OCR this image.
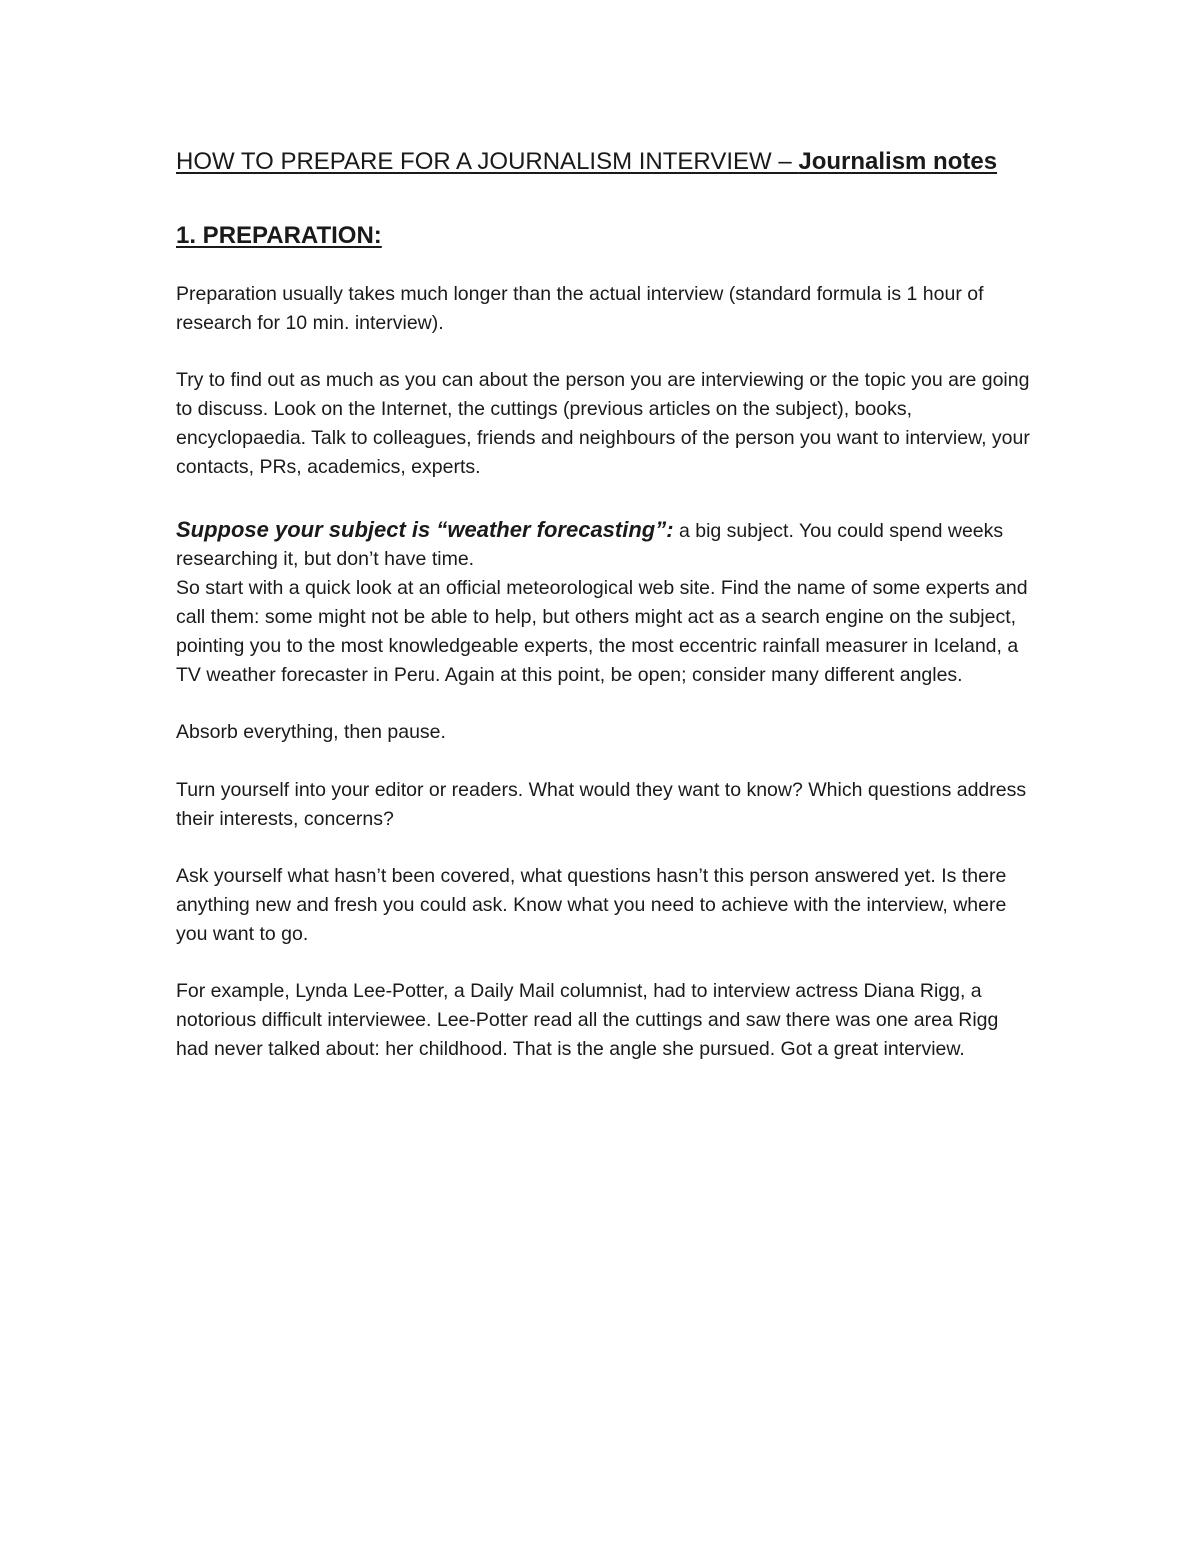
HOW TO PREPARE FOR A JOURNALISM INTERVIEW – Journalism notes
1. PREPARATION:

Preparation usually takes much longer than the actual interview (standard formula is 1 hour of research for 10 min. interview).

Try to find out as much as you can about the person you are interviewing or the topic you are going to discuss. Look on the Internet, the cuttings (previous articles on the subject), books, encyclopaedia. Talk to colleagues, friends and neighbours of the person you want to interview, your contacts, PRs, academics, experts.

Suppose your subject is “weather forecasting”: a big subject. You could spend weeks researching it, but don’t have time.

So start with a quick look at an official meteorological web site. Find the name of some experts and call them: some might not be able to help, but others might act as a search engine on the subject, pointing you to the most knowledgeable experts, the most eccentric rainfall measurer in Iceland, a TV weather forecaster in Peru. Again at this point, be open; consider many different angles.

Absorb everything, then pause.

Turn yourself into your editor or readers. What would they want to know? Which questions address their interests, concerns?

Ask yourself what hasn’t been covered, what questions hasn’t this person answered yet. Is there anything new and fresh you could ask. Know what you need to achieve with the interview, where you want to go.

For example, Lynda Lee-Potter, a Daily Mail columnist, had to interview actress Diana Rigg, a notorious difficult interviewee. Lee-Potter read all the cuttings and saw there was one area Rigg had never talked about: her childhood. That is the angle she pursued. Got a great interview.
